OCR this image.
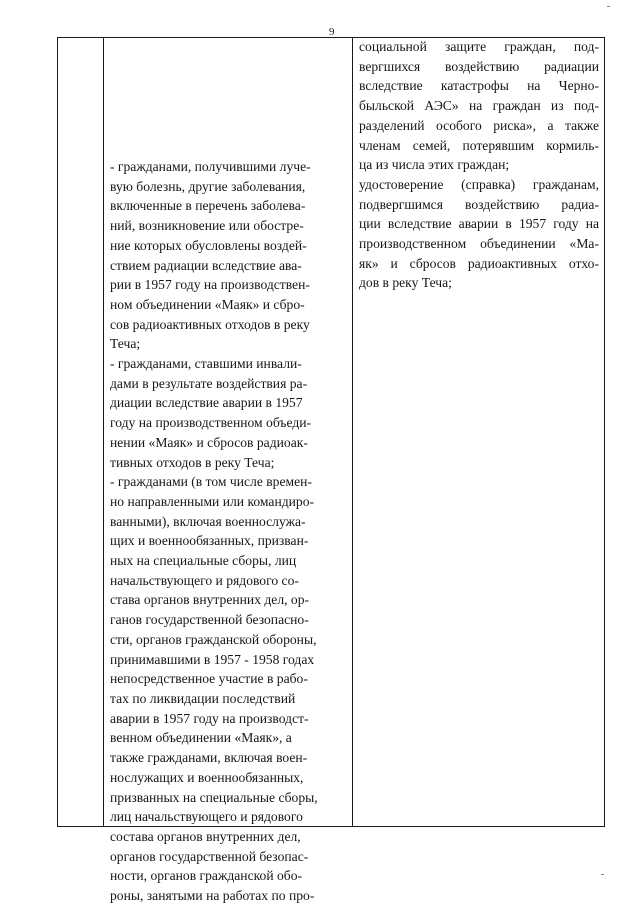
9
- гражданами, получившими луче-
вую болезнь, другие заболевания,
включенные в перечень заболева-
ний, возникновение или обостре-
ние которых обусловлены воздей-
ствием радиации вследствие ава-
рии в 1957 году на производствен-
ном объединении «Маяк» и сбро-
сов радиоактивных отходов в реку
Теча;
- гражданами, ставшими инвали-
дами в результате воздействия ра-
диации вследствие аварии в 1957
году на производственном объеди-
нении «Маяк» и сбросов радиоак-
тивных отходов в реку Теча;
- гражданами (в том числе времен-
но направленными или командиро-
ванными), включая военнослужа-
щих и военнообязанных, призван-
ных на специальные сборы, лиц
начальствующего и рядового со-
става органов внутренних дел, ор-
ганов государственной безопасно-
сти, органов гражданской обороны,
принимавшими в 1957 - 1958 годах
непосредственное участие в рабо-
тах по ликвидации последствий
аварии в 1957 году на производст-
венном объединении «Маяк», а
также гражданами, включая воен-
нослужащих и военнообязанных,
призванных на специальные сборы,
лиц начальствующего и рядового
состава органов внутренних дел,
органов государственной безопас-
ности, органов гражданской обо-
роны, занятыми на работах по про-
социальной защите граждан, под-
вергшихся воздействию радиации
вследствие катастрофы на Черно-
быльской АЭС» на граждан из под-
разделений особого риска», а также
членам семей, потерявшим кормиль-
ца из числа этих граждан;
удостоверение (справка) гражданам,
подвергшимся воздействию радиа-
ции вследствие аварии в 1957 году на
производственном объединении «Ма-
як» и сбросов радиоактивных отхо-
дов в реку Теча;
